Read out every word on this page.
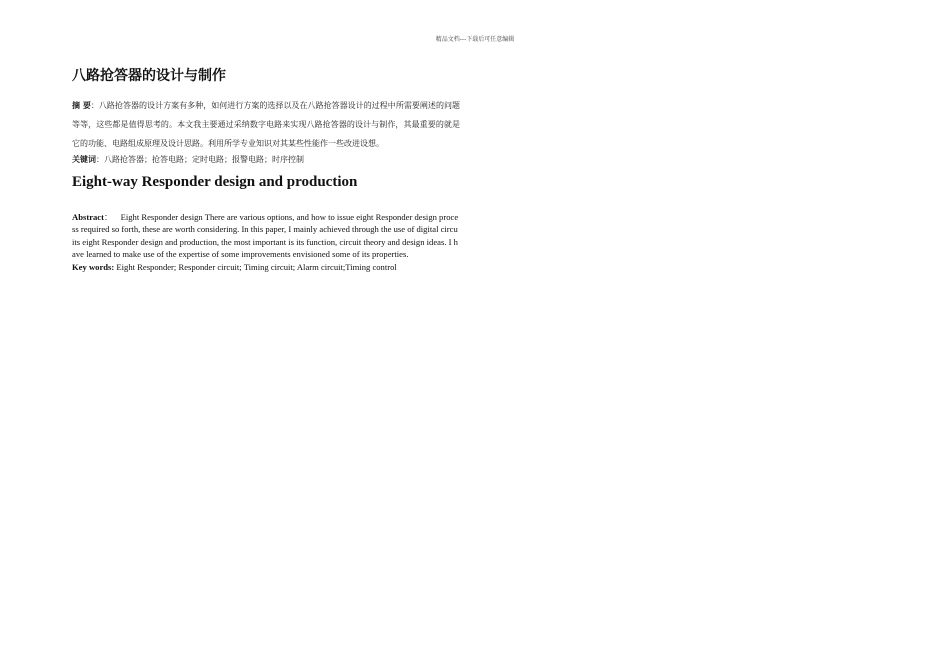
精品文档---下载后可任意编辑
八路抢答器的设计与制作

摘 要：八路抢答器的设计方案有多种，如何进行方案的选择以及在八路抢答器设计的过程中所需要阐述的问题等等，这些都是值得思考的。本文我主要通过采纳数字电路来实现八路抢答器的设计与制作，其最重要的就是它的功能、电路组成原理及设计思路。利用所学专业知识对其某些性能作一些改进设想。

关键词：八路抢答器；抢答电路；定时电路；报警电路；时序控制

Eight-way Responder design and production

Abstract： Eight Responder design There are various options, and how to issue eight Responder design process required so forth, these are worth considering. In this paper, I mainly achieved through the use of digital circuits eight Responder design and production, the most important is its function, circuit theory and design ideas. I have learned to make use of the expertise of some improvements envisioned some of its properties.

Key words: Eight Responder; Responder circuit; Timing circuit; Alarm circuit;Timing control
